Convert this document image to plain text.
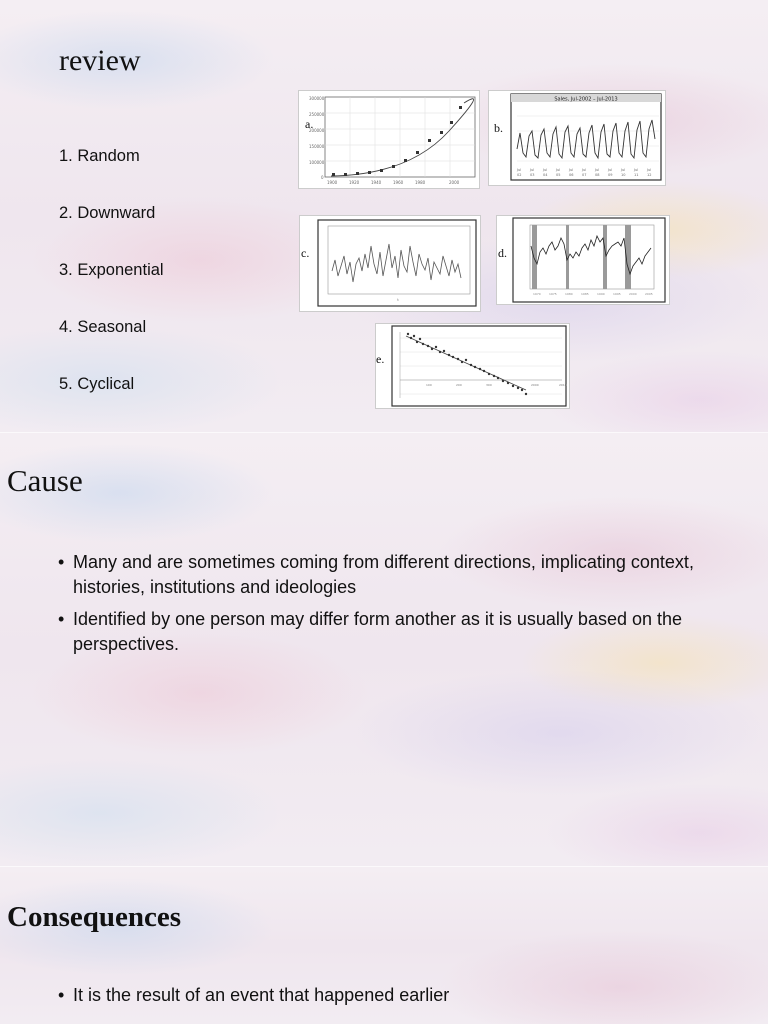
review
1. Random
2. Downward
3. Exponential
4. Seasonal
5. Cyclical
a.
300000
250000
200000
150000
100000
0
1900	1920	1940	1960	1980	2000
b.
Sales, Jul-2002 – Jul-2013
Jul	Jul	Jul	Jul	Jul	Jul	Jul	Jul	Jul	Jul	Jul
02 03 04 05 06 07 08 09 10 11 12
c.
t
d.
1970	1975	1980	1985	1990	1995	2000	2005
e.
100	200	300	2000	2010
Cause
• Many and are sometimes coming from different directions, implicating context, histories, institutions and ideologies
• Identified by one person may differ form another as it is usually based on the perspectives.
Consequences
• It is the result of an event that happened earlier
